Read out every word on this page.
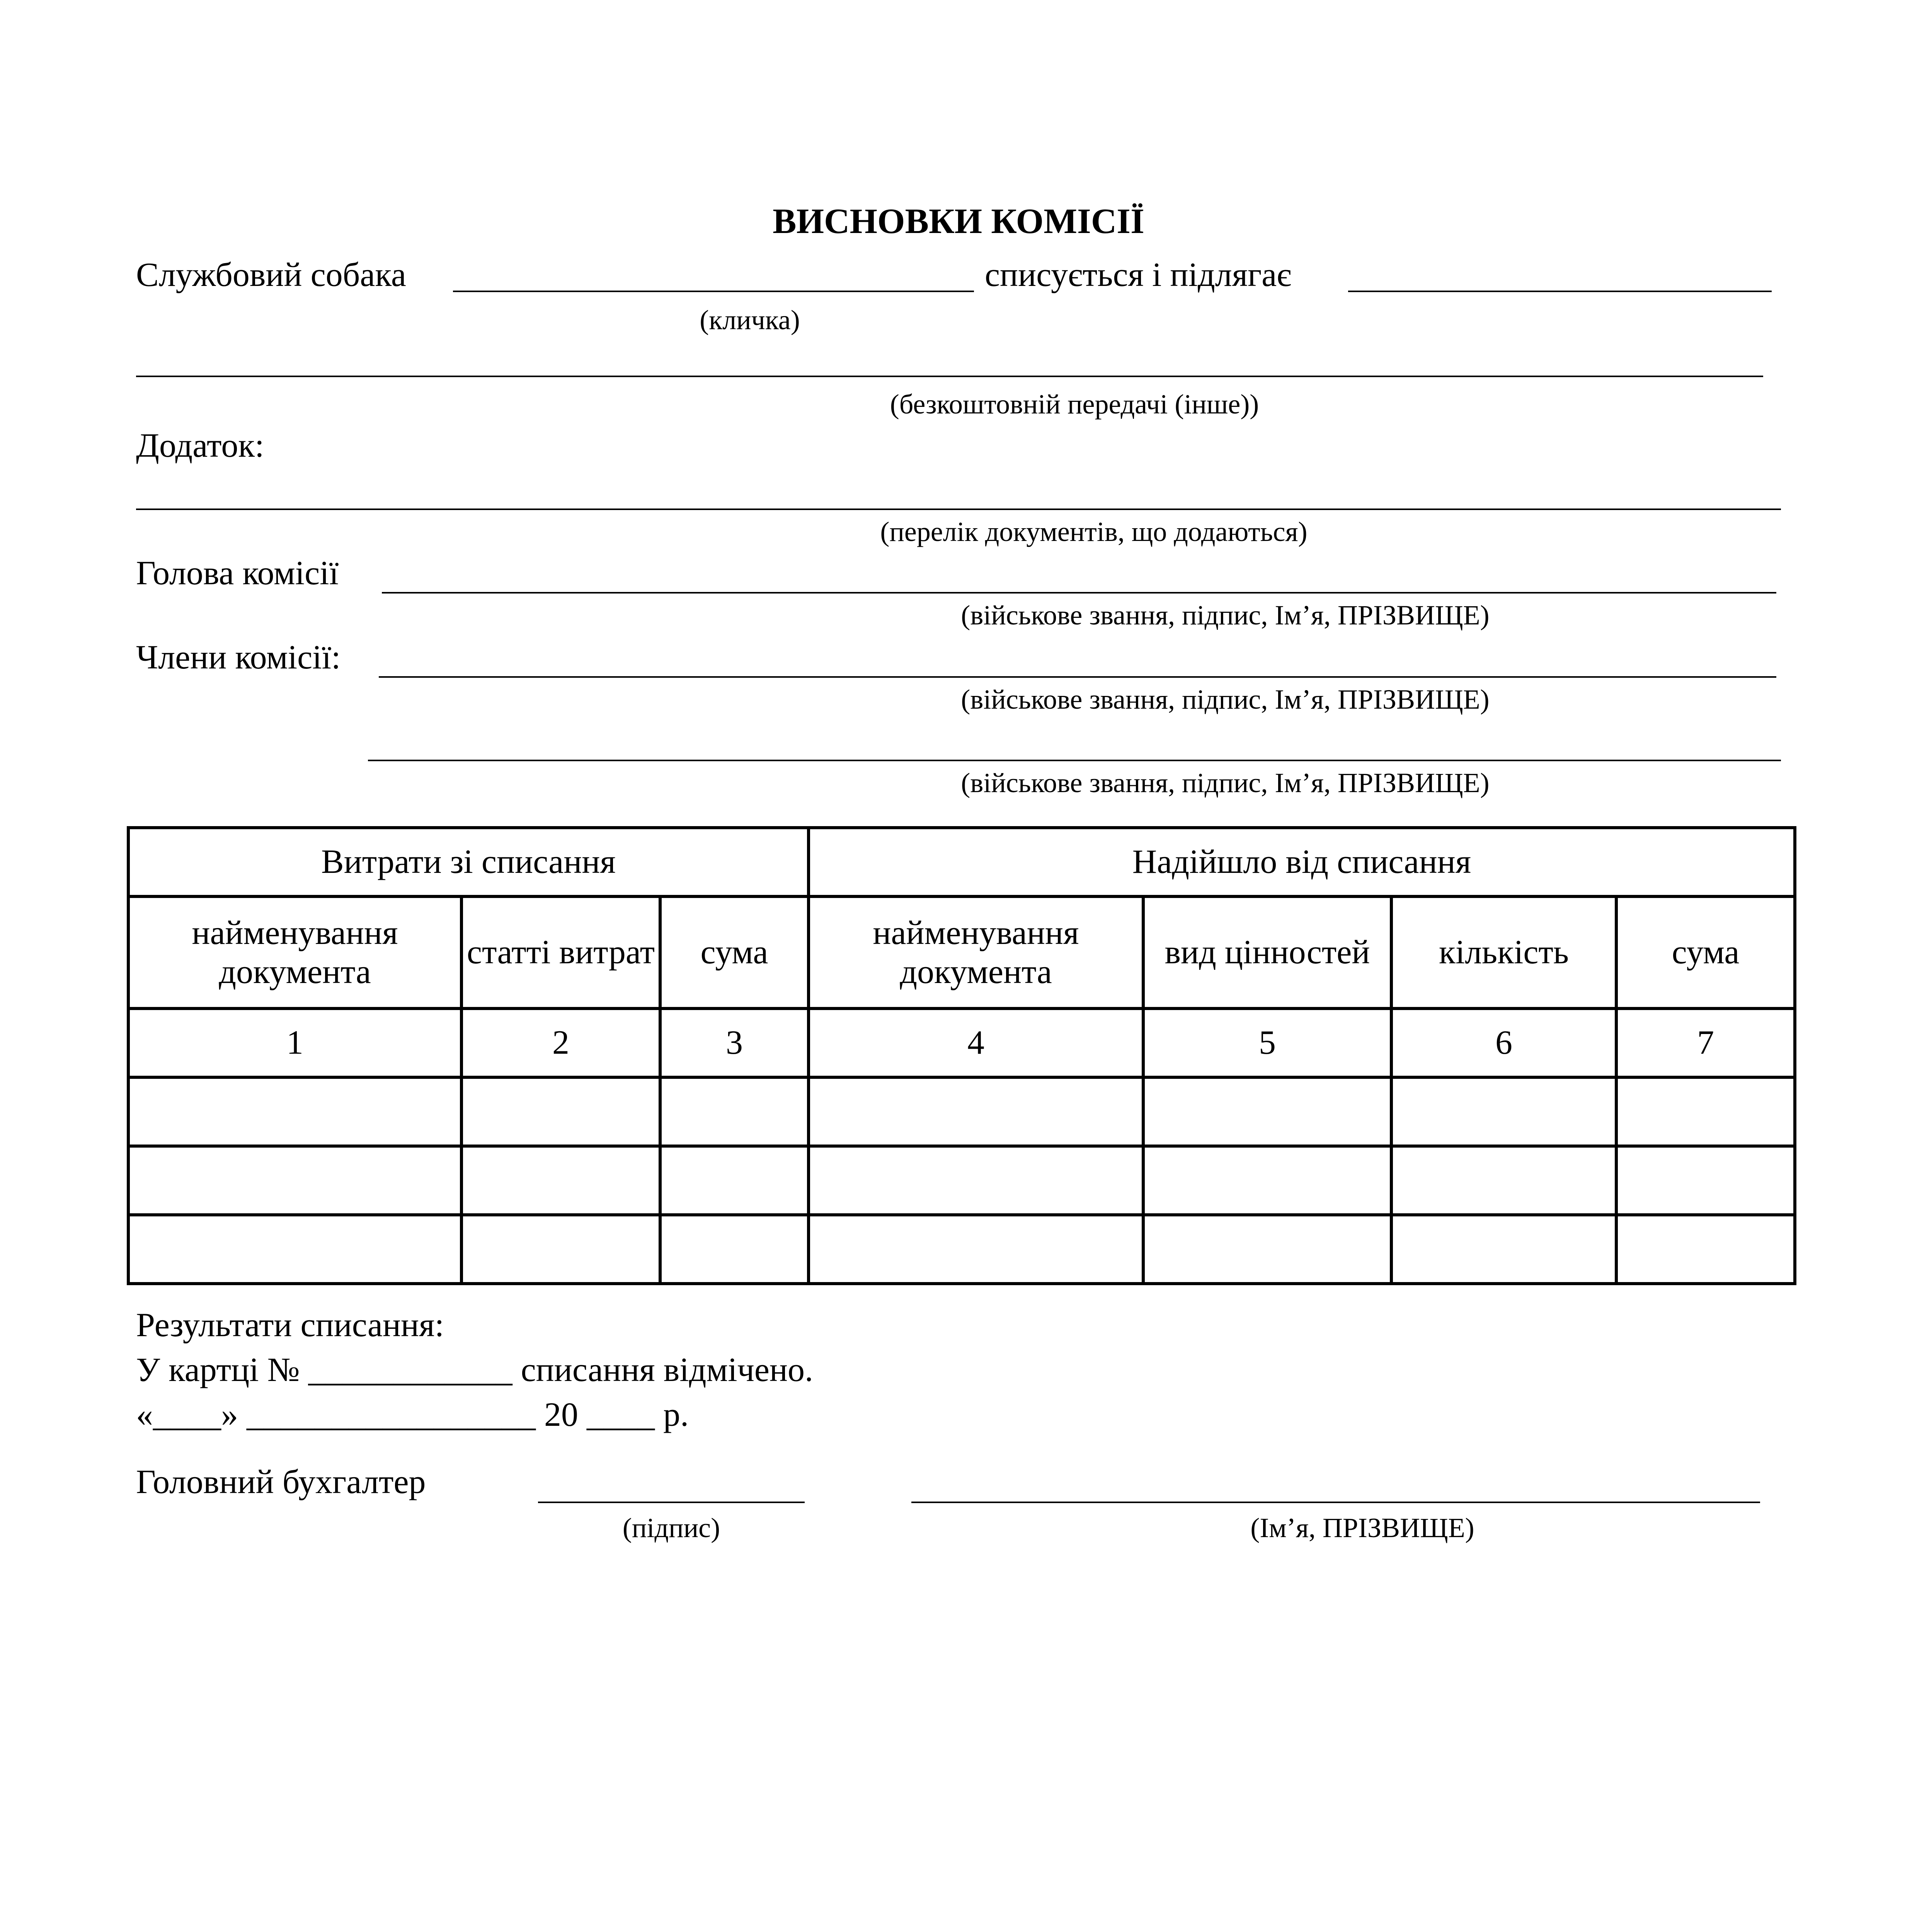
ВИСНОВКИ КОМІСІЇ
Службовий собака	списується і підлягає
(кличка)
(безкоштовній передачі (інше))
Додаток:
(перелік документів, що додаються)
Голова комісії
(військове звання, підпис, Ім’я, ПРІЗВИЩЕ)
Члени комісії:
(військове звання, підпис, Ім’я, ПРІЗВИЩЕ)
(військове звання, підпис, Ім’я, ПРІЗВИЩЕ)
Витрати зі списання			Надійшло від списання			
найменування документа	статті витрат	сума	найменування документа	вид цінностей	кількість	сума
1	2	3	4	5	6	7

Результати списання:
У картці № ____________ списання відмічено.
«____» _________________ 20 ____ р.
Головний бухгалтер
(підпис)	(Ім’я, ПРІЗВИЩЕ)
